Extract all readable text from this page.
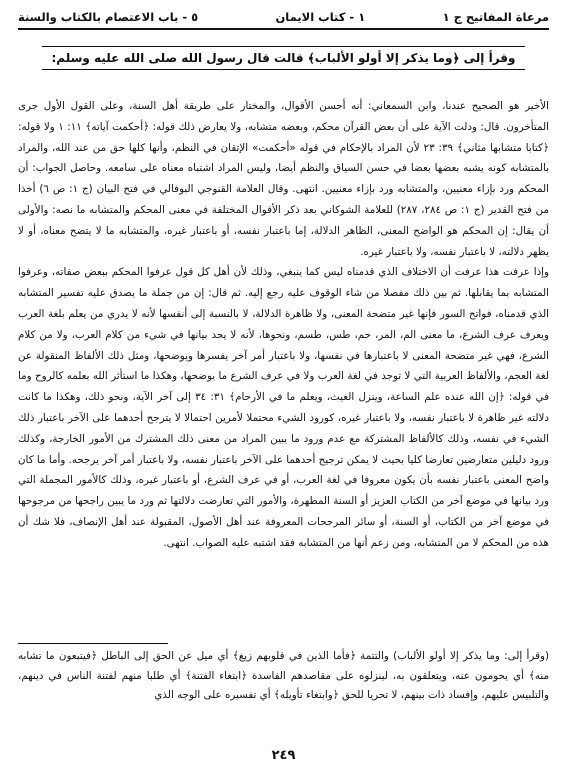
مرعاة المفاتيح ج ١
١ - كتاب الايمان
٥ - باب الاعتصام بالكتاب والسنة
وقرأ إلى ﴿وما يذكر إلا أولو الألباب﴾ قالت قال رسول الله صلى الله عليه وسلم:

الأخير هو الصحيح عندنا، وابن السمعاني: أنه أحسن الأقوال، والمختار على طريقة أهل السنة، وعلى القول الأول جرى المتأخرون. قال: ودلت الآية على أن بعض القرآن محكم، وبعضه متشابه، ولا يعارض ذلك قوله: ﴿أحكمت آياته﴾ ١١: ١ ولا قوله: ﴿كتابا متشابها مثاني﴾ ٣٩: ٢٣ لأن المراد بالإحكام في قوله «أحكمت» الإتقان في النظم، وأنها كلها حق من عند الله، والمراد بالمتشابه كونه يشبه بعضها بعضا في حسن السياق والنظم أيضا، وليس المراد اشتباه معناه على سامعه. وحاصل الجواب: أن المحكم ورد بإزاء معنيين، والمتشابه ورد بإزاء معنيين. انتهى. وقال العلامة القنوجي البوفالي في فتح البيان (ج ١: ص ٦) أخذا من فتح القدير (ج ١: ص ٢٨٤، ٢٨٧) للعلامة الشوكاني بعد ذكر الأقوال المختلفة في معنى المحكم والمتشابه ما نصه: والأولى أن يقال: إن المحكم هو الواضح المعنى، الظاهر الدلالة، إما باعتبار نفسه، أو باعتبار غيره، والمتشابه ما لا يتضح معناه، أو لا يظهر دلالته، لا باعتبار نفسه، ولا باعتبار غيره.

وإذا عرفت هذا عرفت أن الاختلاف الذي قدمناه ليس كما ينبغي، وذلك لأن أهل كل قول عرفوا المحكم ببعض صفاته، وعرفوا المتشابه بما يقابلها. ثم بين ذلك مفصلا من شاء الوقوف عليه رجع إليه. ثم قال: إن من جملة ما يصدق عليه تفسير المتشابه الذي قدمناه، فواتح السور فإنها غير متضحة المعنى، ولا ظاهرة الدلالة، لا بالنسبة إلى أنفسها لأنه لا يدري من يعلم بلغة العرب ويعرف عرف الشرع، ما معنى الم، المر، حم، طس، طسم، ونحوها، لأنه لا يجد بيانها في شيء من كلام العرب، ولا من كلام الشرع، فهي غير متضحة المعنى لا باعتبارها في نفسها، ولا باعتبار أمر آخر يفسرها ويوضحها، ومثل ذلك الألفاظ المنقولة عن لغة العجم، والألفاظ العربية التي لا توجد في لغة العرب ولا في عرف الشرع ما يوضحها، وهكذا ما استأثر الله بعلمه كالروح وما في قوله: ﴿إن الله عنده علم الساعة، وينزل الغيث، ويعلم ما في الأرحام﴾ ٣١: ٣٤ إلى آخر الآية، ونحو ذلك، وهكذا ما كانت دلالته غير ظاهرة لا باعتبار نفسه، ولا باعتبار غيره، كورود الشيء محتملا لأمرين احتمالا لا يترجح أحدهما على الآخر باعتبار ذلك الشيء في نفسه، وذلك كالألفاظ المشتركة مع عدم ورود ما يبين المراد من معنى ذلك المشترك من الأمور الخارجة، وكذلك ورود دليلين متعارضين تعارضا كليا بحيث لا يمكن ترجيح أحدهما على الآخر باعتبار نفسه، ولا باعتبار أمر آخر يرجحه. وأما ما كان واضح المعنى باعتبار نفسه بأن يكون معروفا في لغة العرب، أو في عرف الشرع، أو باعتبار غيره، وذلك كالأمور المجملة التي ورد بيانها في موضع آخر من الكتاب العزيز أو السنة المطهرة، والأمور التي تعارضت دلالتها ثم ورد ما يبين راجحها من مرجوحها في موضع آخر من الكتاب، أو السنة، أو سائر المرجحات المعروفة عند أهل الأصول، المقبولة عند أهل الإنصاف، فلا شك أن هذه من المحكم لا من المتشابه، ومن زعم أنها من المتشابه فقد اشتبه عليه الصواب. انتهى.

(وقرأ إلى: وما يذكر إلا أولو الألباب) والتتمة ﴿فأما الذين في قلوبهم زيغ﴾ أي ميل عن الحق إلى الباطل ﴿فيتبعون ما تشابه منه﴾ أي يحومون عنه، ويتعلقون به، لينزلوه على مقاصدهم الفاسدة ﴿ابتغاء الفتنة﴾ أي طلبا منهم لفتنة الناس في دينهم، والتلبيس عليهم، وإفساد ذات بينهم، لا تحريا للحق ﴿وابتغاء تأويله﴾ أي تفسيره على الوجه الذي
٢٤٩
